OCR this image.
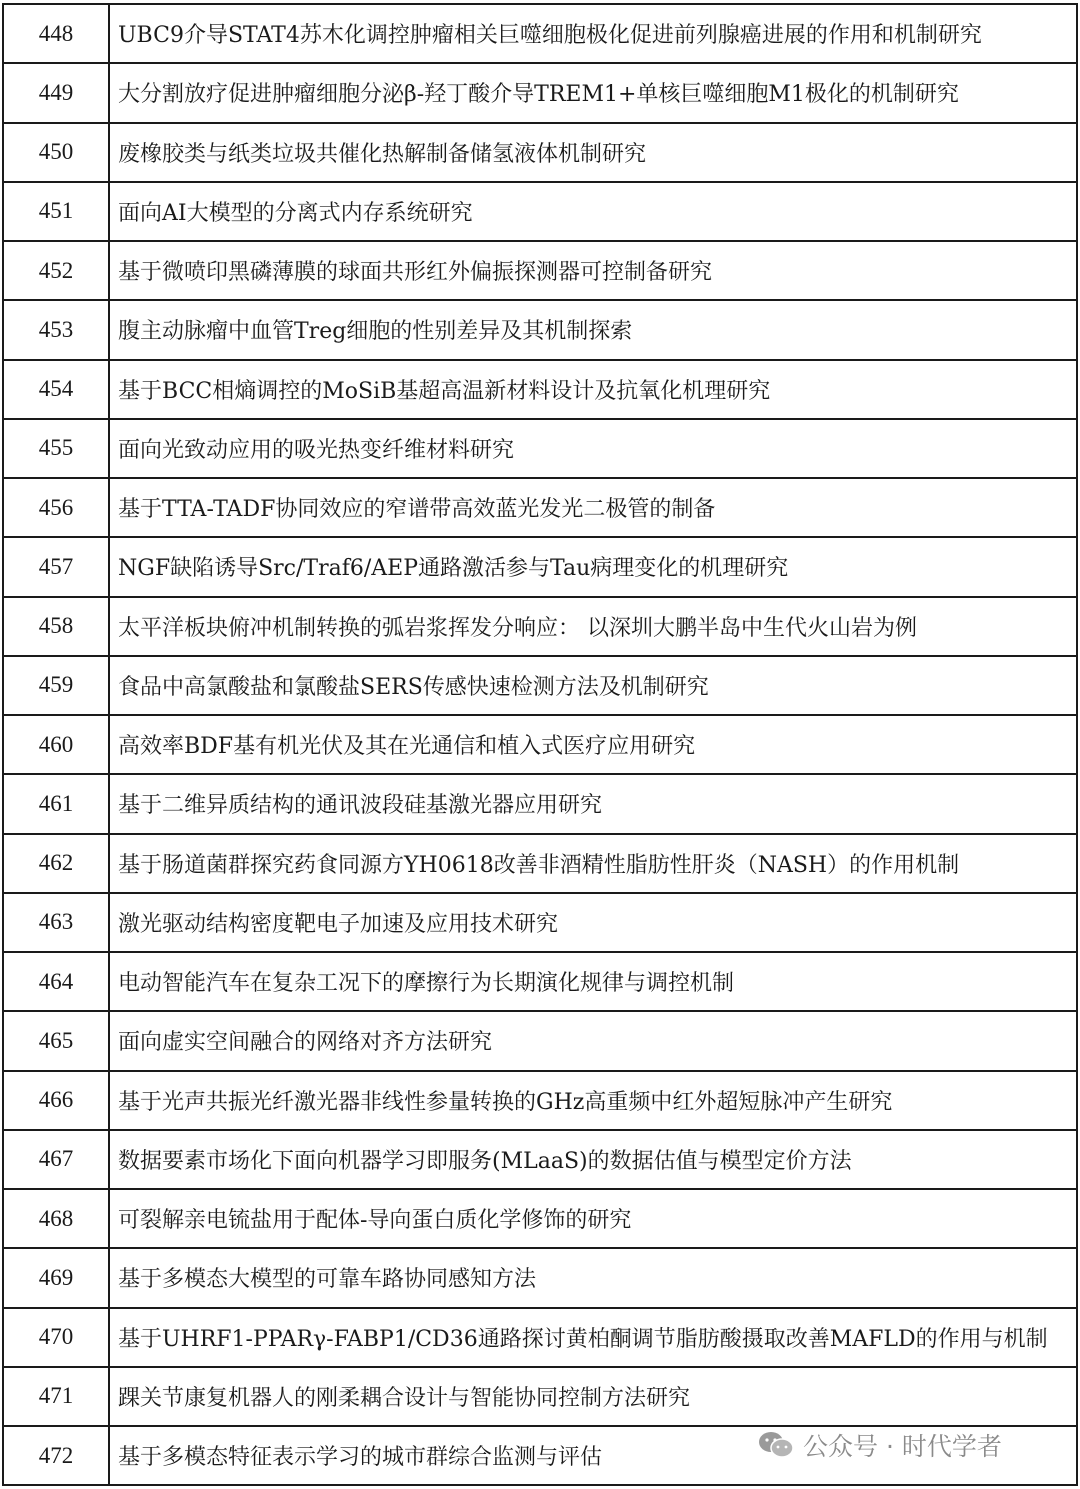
448	UBC9介导STAT4苏木化调控肿瘤相关巨噬细胞极化促进前列腺癌进展的作用和机制研究
449	大分割放疗促进肿瘤细胞分泌β-羟丁酸介导TREM1+单核巨噬细胞M1极化的机制研究
450	废橡胶类与纸类垃圾共催化热解制备储氢液体机制研究
451	面向AI大模型的分离式内存系统研究
452	基于微喷印黑磷薄膜的球面共形红外偏振探测器可控制备研究
453	腹主动脉瘤中血管Treg细胞的性别差异及其机制探索
454	基于BCC相熵调控的MoSiB基超高温新材料设计及抗氧化机理研究
455	面向光致动应用的吸光热变纤维材料研究
456	基于TTA-TADF协同效应的窄谱带高效蓝光发光二极管的制备
457	NGF缺陷诱导Src/Traf6/AEP通路激活参与Tau病理变化的机理研究
458	太平洋板块俯冲机制转换的弧岩浆挥发分响应： 以深圳大鹏半岛中生代火山岩为例
459	食品中高氯酸盐和氯酸盐SERS传感快速检测方法及机制研究
460	高效率BDF基有机光伏及其在光通信和植入式医疗应用研究
461	基于二维异质结构的通讯波段硅基激光器应用研究
462	基于肠道菌群探究药食同源方YH0618改善非酒精性脂肪性肝炎（NASH）的作用机制
463	激光驱动结构密度靶电子加速及应用技术研究
464	电动智能汽车在复杂工况下的摩擦行为长期演化规律与调控机制
465	面向虚实空间融合的网络对齐方法研究
466	基于光声共振光纤激光器非线性参量转换的GHz高重频中红外超短脉冲产生研究
467	数据要素市场化下面向机器学习即服务(MLaaS)的数据估值与模型定价方法
468	可裂解亲电锍盐用于配体-导向蛋白质化学修饰的研究
469	基于多模态大模型的可靠车路协同感知方法
470	基于UHRF1-PPARγ-FABP1/CD36通路探讨黄柏酮调节脂肪酸摄取改善MAFLD的作用与机制
471	踝关节康复机器人的刚柔耦合设计与智能协同控制方法研究
472	基于多模态特征表示学习的城市群综合监测与评估	公众号 · 时代学者
